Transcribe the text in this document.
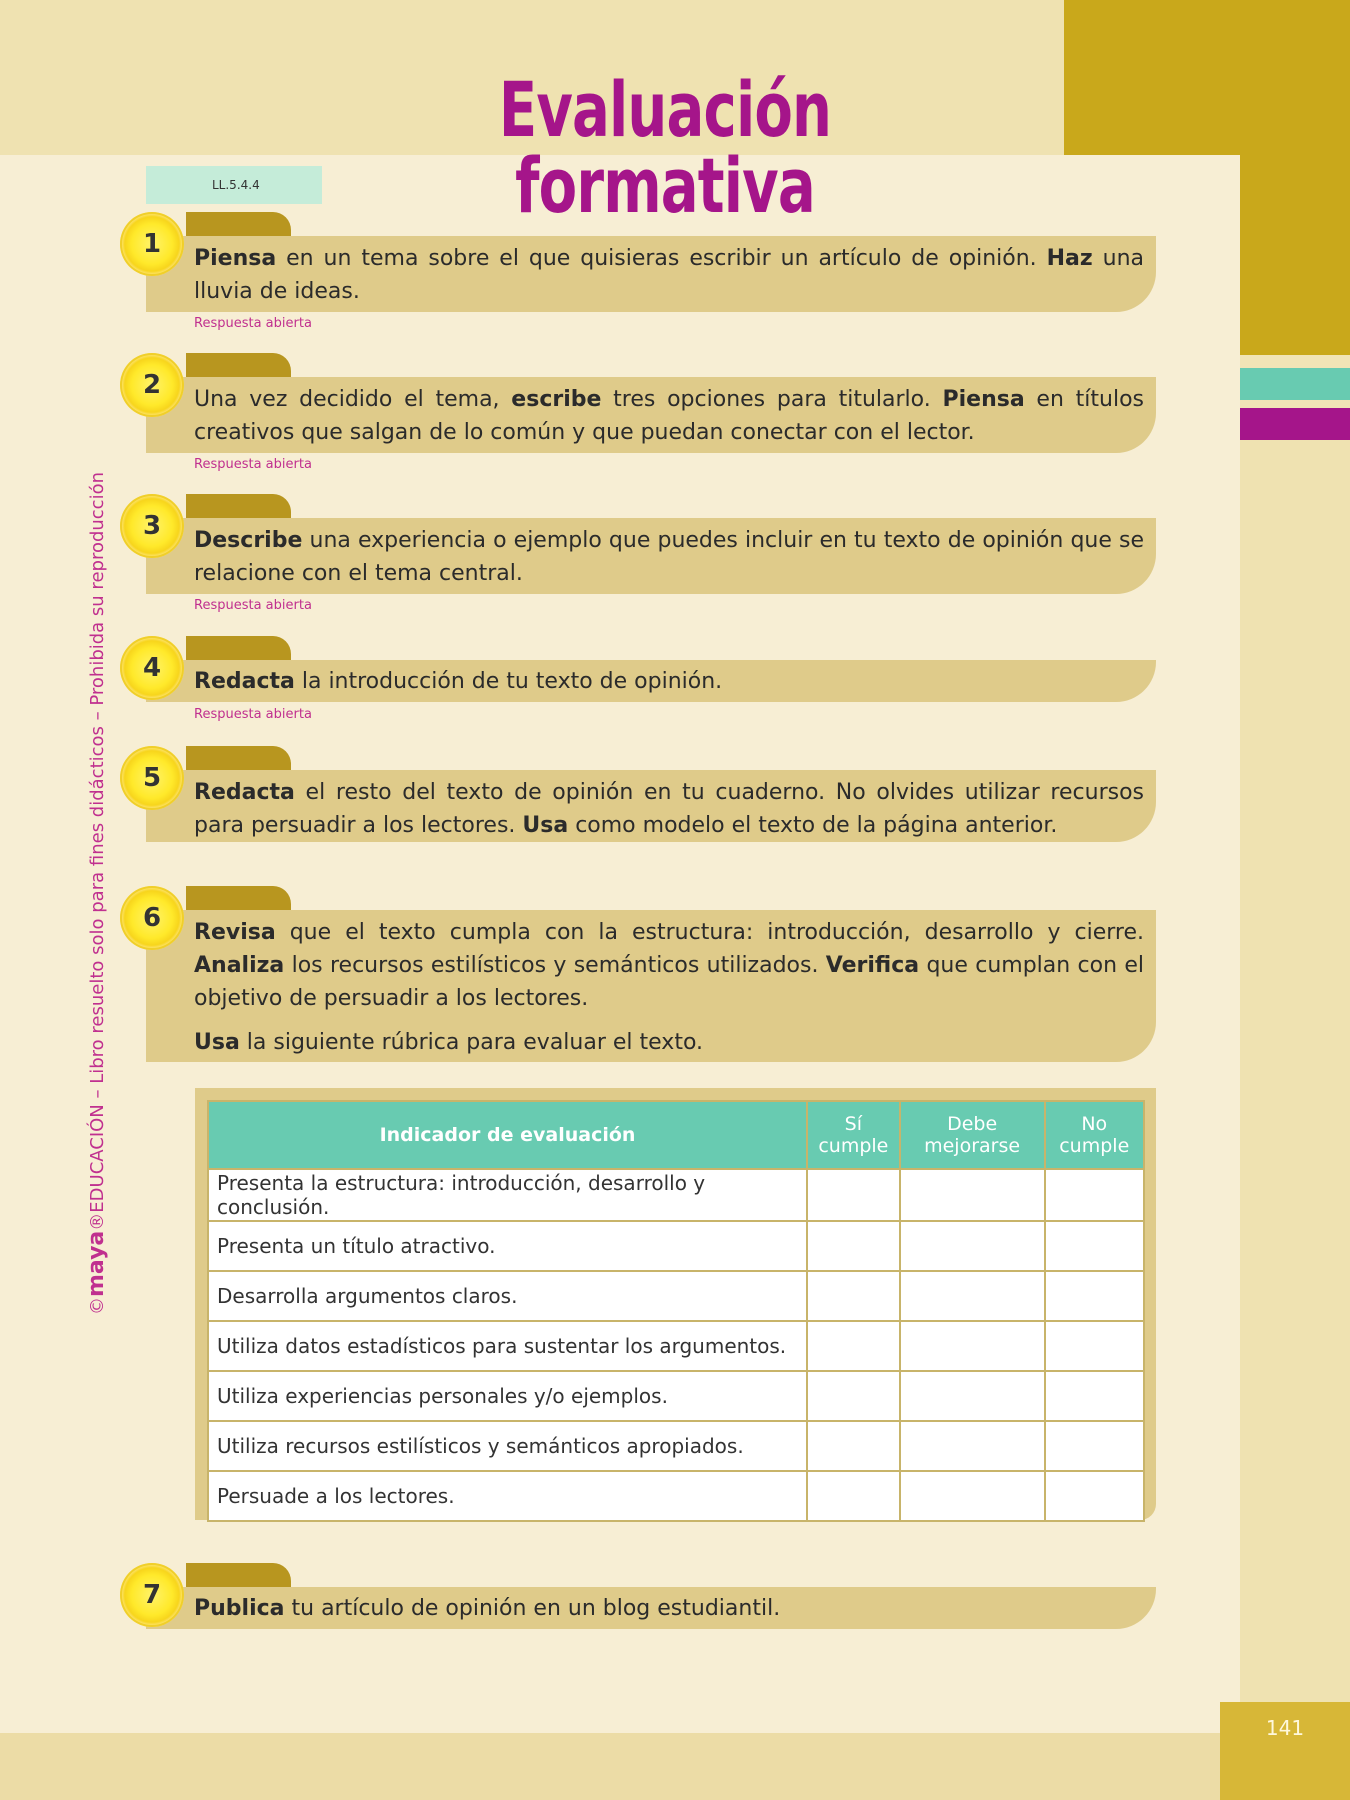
141
Evaluación formativa
LL.5.4.4
©maya®EDUCACIÓN – Libro resuelto solo para fines didácticos – Prohibida su reproducción
1	Piensa en un tema sobre el que quisieras escribir un artículo de opinión. Haz una lluvia de ideas.
Respuesta abierta
2	Una vez decidido el tema, escribe tres opciones para titularlo. Piensa en títulos creativos que salgan de lo común y que puedan conectar con el lector.
Respuesta abierta
3	Describe una experiencia o ejemplo que puedes incluir en tu texto de opinión que se relacione con el tema central.
Respuesta abierta
4	Redacta la introducción de tu texto de opinión.
Respuesta abierta
5	Redacta el resto del texto de opinión en tu cuaderno. No olvides utilizar recursos para persuadir a los lectores. Usa como modelo el texto de la página anterior.
6	Revisa que el texto cumpla con la estructura: introducción, desarrollo y cierre. Analiza los recursos estilísticos y semánticos utilizados. Verifica que cumplan con el objetivo de persuadir a los lectores.
Usa la siguiente rúbrica para evaluar el texto.
Indicador de evaluación	Sí cumple	Debe mejorarse	No cumple
Presenta la estructura: introducción, desarrollo y conclusión.			
Presenta un título atractivo.			
Desarrolla argumentos claros.			
Utiliza datos estadísticos para sustentar los argumentos.			
Utiliza experiencias personales y/o ejemplos.			
Utiliza recursos estilísticos y semánticos apropiados.			
Persuade a los lectores.			
7	Publica tu artículo de opinión en un blog estudiantil.
